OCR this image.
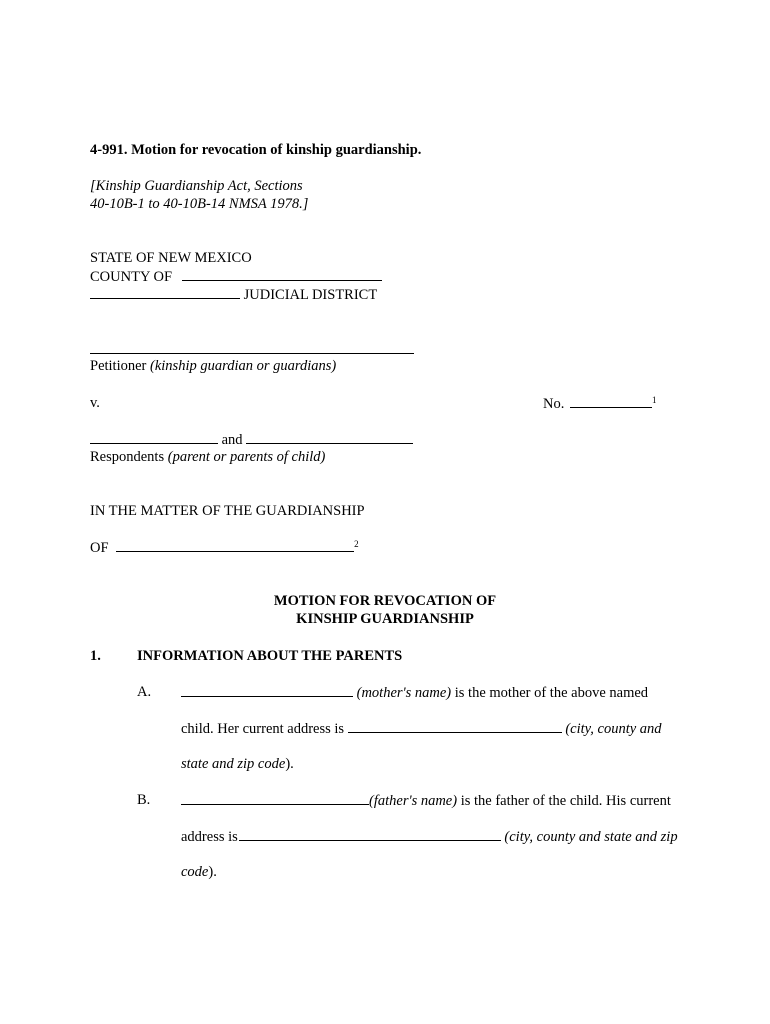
4-991. Motion for revocation of kinship guardianship.
[Kinship Guardianship Act, Sections
40-10B-1 to 40-10B-14 NMSA 1978.]
STATE OF NEW MEXICO
COUNTY OF
JUDICIAL DISTRICT
Petitioner (kinship guardian or guardians)
v.	No.	$^1$
and
Respondents (parent or parents of child)
IN THE MATTER OF THE GUARDIANSHIP
OF	$^2$
MOTION FOR REVOCATION OF
KINSHIP GUARDIANSHIP
1. INFORMATION ABOUT THE PARENTS
A.	(mother's name) is the mother of the above named
child. Her current address is	(city, county and
state and zip code).
B.	(father's name) is the father of the child. His current
address is	(city, county and state and zip
code).
